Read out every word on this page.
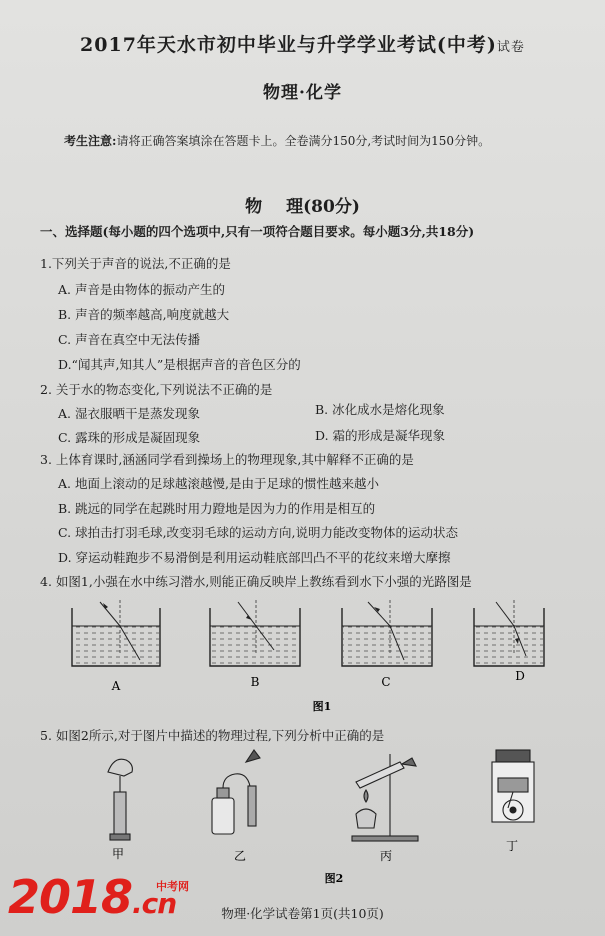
2017年天水市初中毕业与升学学业考试(中考)试卷
物理·化学
考生注意:请将正确答案填涂在答题卡上。全卷满分150分,考试时间为150分钟。
物理(80分)
一、选择题(每小题的四个选项中,只有一项符合题目要求。每小题3分,共18分)
1.下列关于声音的说法,不正确的是
A. 声音是由物体的振动产生的
B. 声音的频率越高,响度就越大
C. 声音在真空中无法传播
D.“闻其声,知其人”是根据声音的音色区分的
2. 关于水的物态变化,下列说法不正确的是
A. 湿衣服晒干是蒸发现象	B. 冰化成水是熔化现象
C. 露珠的形成是凝固现象	D. 霜的形成是凝华现象
3. 上体育课时,涵涵同学看到操场上的物理现象,其中解释不正确的是
A. 地面上滚动的足球越滚越慢,是由于足球的惯性越来越小
B. 跳远的同学在起跳时用力蹬地是因为力的作用是相互的
C. 球拍击打羽毛球,改变羽毛球的运动方向,说明力能改变物体的运动状态
D. 穿运动鞋跑步不易滑倒是利用运动鞋底部凹凸不平的花纹来增大摩擦
4. 如图1,小强在水中练习潜水,则能正确反映岸上教练看到水下小强的光路图是
A	B	C	D
图1
5. 如图2所示,对于图片中描述的物理过程,下列分析中正确的是
甲	乙	丙
丁
图2
2018.cn
中考网
物理·化学试卷第1页(共10页)
